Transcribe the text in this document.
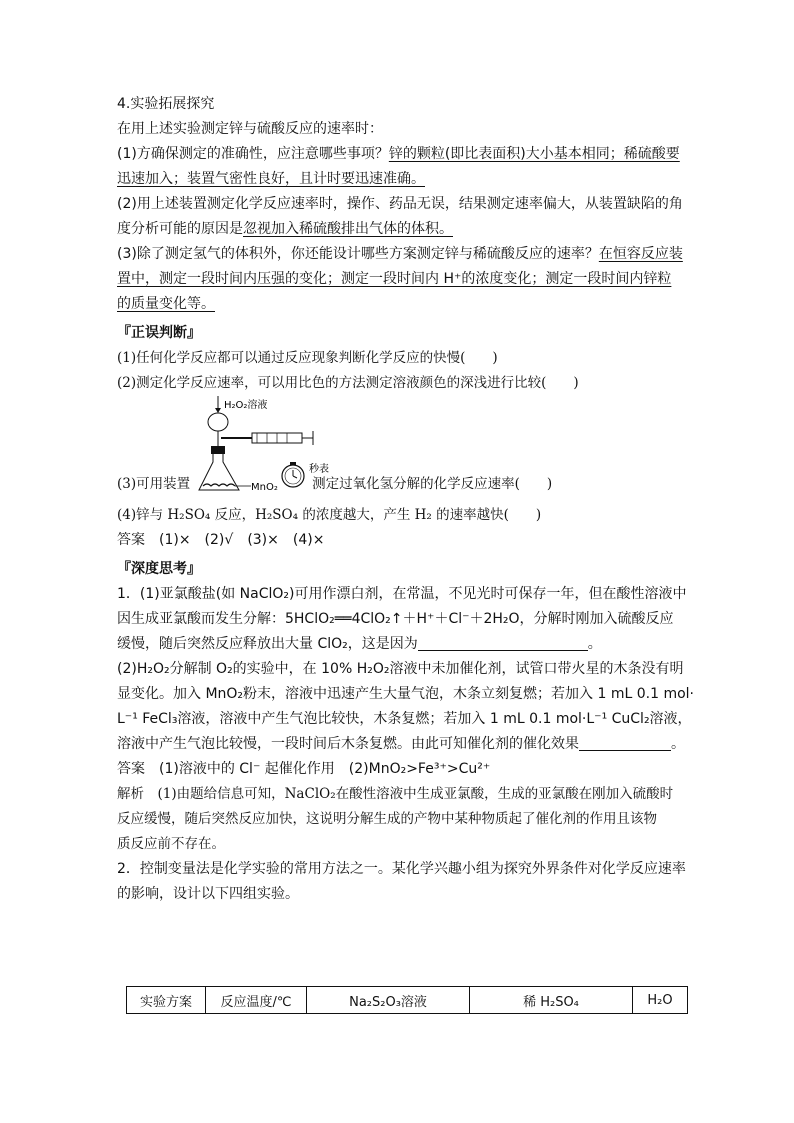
4.实验拓展探究
在用上述实验测定锌与硫酸反应的速率时：
(1)方确保测定的准确性，应注意哪些事项？锌的颗粒(即比表面积)大小基本相同；稀硫酸要
迅速加入；装置气密性良好，且计时要迅速准确。
(2)用上述装置测定化学反应速率时，操作、药品无误，结果测定速率偏大，从装置缺陷的角
度分析可能的原因是忽视加入稀硫酸排出气体的体积。
(3)除了测定氢气的体积外，你还能设计哪些方案测定锌与稀硫酸反应的速率？在恒容反应装
置中，测定一段时间内压强的变化；测定一段时间内 H⁺的浓度变化；测定一段时间内锌粒
的质量变化等。
『正误判断』
(1)任何化学反应都可以通过反应现象判断化学反应的快慢(　　)
(2)测定化学反应速率，可以用比色的方法测定溶液颜色的深浅进行比较(　　)
H₂O₂溶液
MnO₂
秒表
(3)可用装置	测定过氧化氢分解的化学反应速率(　　)
(4)锌与 H₂SO₄ 反应，H₂SO₄ 的浓度越大，产生 H₂ 的速率越快(　　)
答案　(1)×　(2)√　(3)×　(4)×
『深度思考』
1．(1)亚氯酸盐(如 NaClO₂)可用作漂白剂，在常温，不见光时可保存一年，但在酸性溶液中
因生成亚氯酸而发生分解：5HClO₂══4ClO₂↑＋H⁺＋Cl⁻＋2H₂O，分解时刚加入硫酸反应
缓慢，随后突然反应释放出大量 ClO₂，这是因为	。
(2)H₂O₂分解制 O₂的实验中，在 10% H₂O₂溶液中未加催化剂，试管口带火星的木条没有明
显变化。加入 MnO₂粉末，溶液中迅速产生大量气泡，木条立刻复燃；若加入 1 mL 0.1 mol·
L⁻¹ FeCl₃溶液，溶液中产生气泡比较快，木条复燃；若加入 1 mL 0.1 mol·L⁻¹ CuCl₂溶液，
溶液中产生气泡比较慢，一段时间后木条复燃。由此可知催化剂的催化效果	。
答案　(1)溶液中的 Cl⁻ 起催化作用　(2)MnO₂>Fe³⁺>Cu²⁺
解析　(1)由题给信息可知，NaClO₂在酸性溶液中生成亚氯酸，生成的亚氯酸在刚加入硫酸时
反应缓慢，随后突然反应加快，这说明分解生成的产物中某种物质起了催化剂的作用且该物
质反应前不存在。
2．控制变量法是化学实验的常用方法之一。某化学兴趣小组为探究外界条件对化学反应速率
的影响，设计以下四组实验。
实验方案	反应温度/℃	Na₂S₂O₃溶液	稀 H₂SO₄	H₂O
